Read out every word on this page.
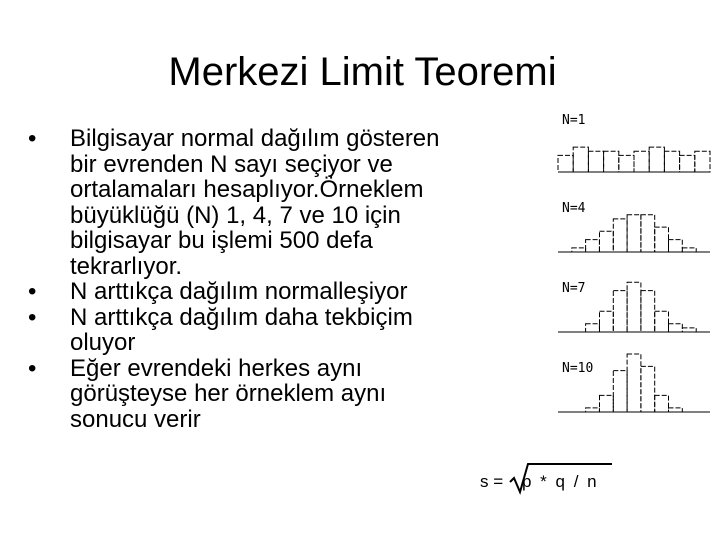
Merkezi Limit Teoremi
• Bilgisayar normal dağılım gösteren bir evrenden N sayı seçiyor ve ortalamaları hesaplıyor.Örneklem büyüklüğü (N) 1, 4, 7 ve 10 için bilgisayar bu işlemi 500 defa tekrarlıyor.
• N arttıkça dağılım normalleşiyor
• N arttıkça dağılım daha tekbiçim oluyor
• Eğer evrendeki herkes aynı görüşteyse her örneklem aynı sonucu verir
N=1
N=4
N=7
N=10
s = p * q / n
